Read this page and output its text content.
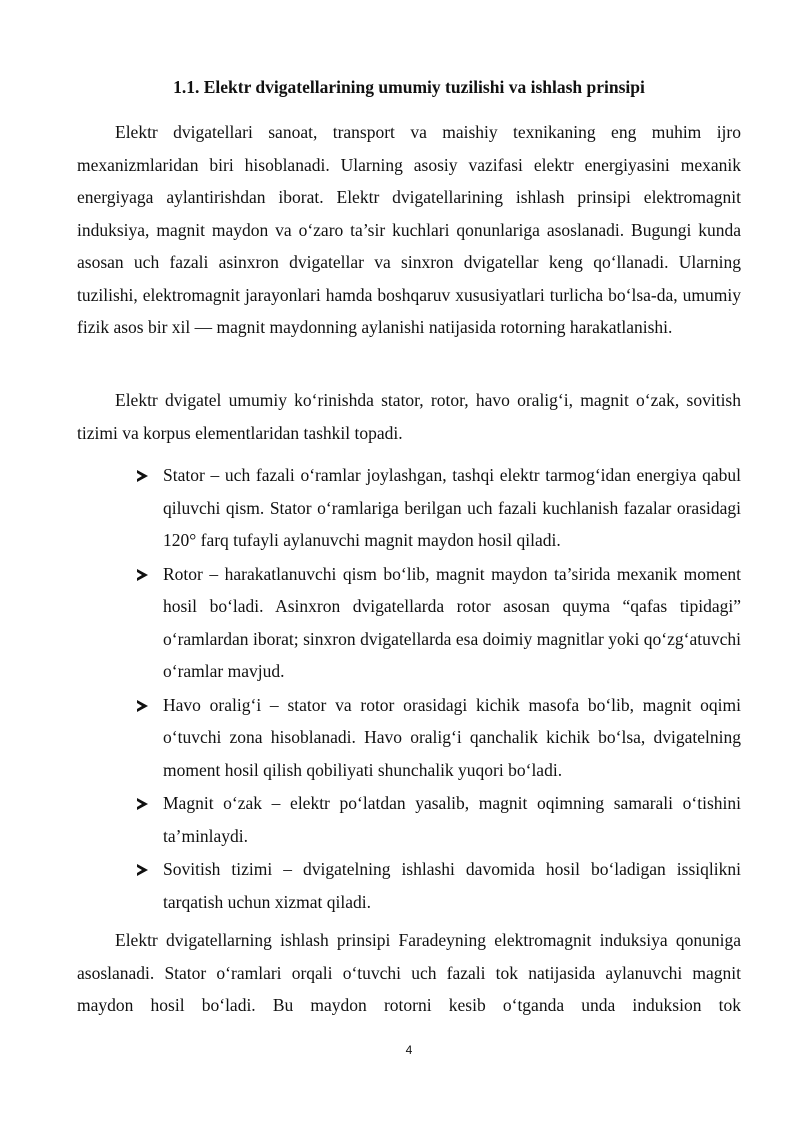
1.1. Elektr dvigatellarining umumiy tuzilishi va ishlash prinsipi

Elektr dvigatellari sanoat, transport va maishiy texnikaning eng muhim ijro mexanizmlaridan biri hisoblanadi. Ularning asosiy vazifasi elektr energiyasini mexanik energiyaga aylantirishdan iborat. Elektr dvigatellarining ishlash prinsipi elektromagnit induksiya, magnit maydon va o‘zaro ta’sir kuchlari qonunlariga asoslanadi. Bugungi kunda asosan uch fazali asinxron dvigatellar va sinxron dvigatellar keng qo‘llanadi. Ularning tuzilishi, elektromagnit jarayonlari hamda boshqaruv xususiyatlari turlicha bo‘lsa-da, umumiy fizik asos bir xil — magnit maydonning aylanishi natijasida rotorning harakatlanishi.

Elektr dvigatel umumiy ko‘rinishda stator, rotor, havo oralig‘i, magnit o‘zak, sovitish tizimi va korpus elementlaridan tashkil topadi.

Stator – uch fazali o‘ramlar joylashgan, tashqi elektr tarmog‘idan energiya qabul qiluvchi qism. Stator o‘ramlariga berilgan uch fazali kuchlanish fazalar orasidagi 120° farq tufayli aylanuvchi magnit maydon hosil qiladi.
Rotor – harakatlanuvchi qism bo‘lib, magnit maydon ta’sirida mexanik moment hosil bo‘ladi. Asinxron dvigatellarda rotor asosan quyma “qafas tipidagi” o‘ramlardan iborat; sinxron dvigatellarda esa doimiy magnitlar yoki qo‘zg‘atuvchi o‘ramlar mavjud.
Havo oralig‘i – stator va rotor orasidagi kichik masofa bo‘lib, magnit oqimi o‘tuvchi zona hisoblanadi. Havo oralig‘i qanchalik kichik bo‘lsa, dvigatelning moment hosil qilish qobiliyati shunchalik yuqori bo‘ladi.
Magnit o‘zak – elektr po‘latdan yasalib, magnit oqimning samarali o‘tishini ta’minlaydi.
Sovitish tizimi – dvigatelning ishlashi davomida hosil bo‘ladigan issiqlikni tarqatish uchun xizmat qiladi.

Elektr dvigatellarning ishlash prinsipi Faradeyning elektromagnit induksiya qonuniga asoslanadi. Stator o‘ramlari orqali o‘tuvchi uch fazali tok natijasida aylanuvchi magnit maydon hosil bo‘ladi. Bu maydon rotorni kesib o‘tganda unda induksion tok

4
